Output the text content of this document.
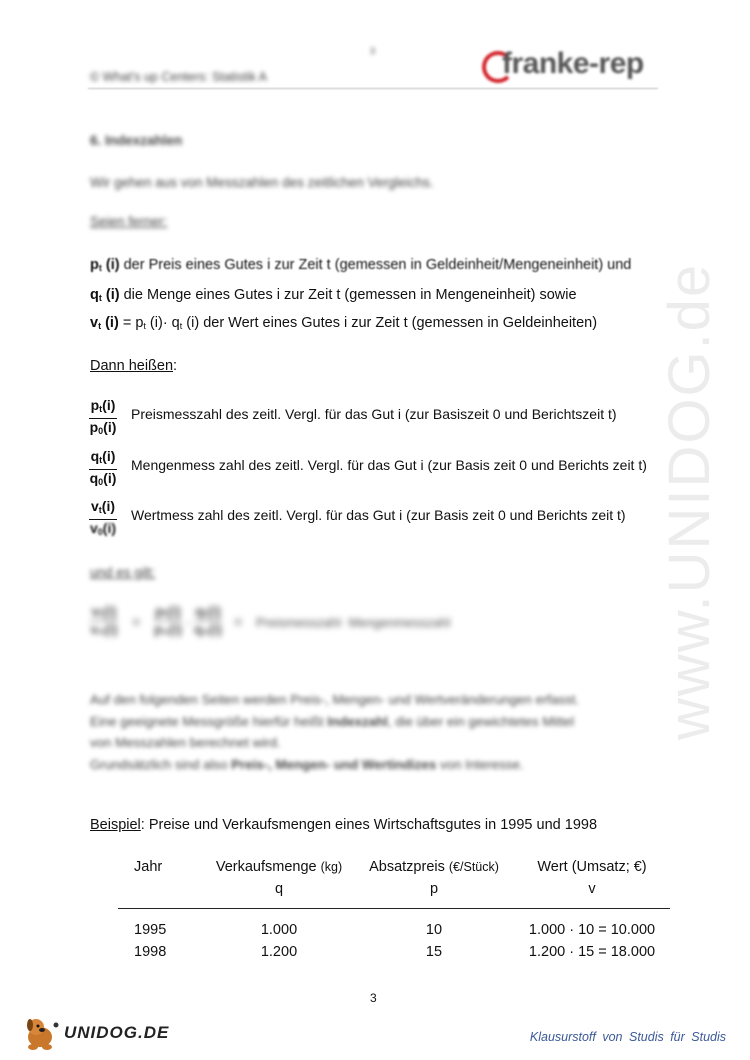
www.UNIDOG.de
3
© What's up Centers: Statistik A	franke-rep
6. Indexzahlen
Wir gehen aus von Messzahlen des zeitlichen Vergleichs.
Seien ferner:
$p_t$ (i) der Preis eines Gutes i zur Zeit t (gemessen in Geldeinheit/Mengeneinheit) und
$q_t$ (i) die Menge eines Gutes i zur Zeit t (gemessen in Mengeneinheit) sowie
$v_t$ $(i) = p_t$ $(i)\cdot q_t$ (i) der Wert eines Gutes i zur Zeit t (gemessen in Geldeinheiten)
Dann heißen:
$p_t(i)$
$p_0(i)$
Preismesszahl des zeitl. Vergl. für das Gut i (zur Basiszeit 0 und Berichtszeit t)
$q_t(i)$
$q_0(i)$
Mengenmess zahl des zeitl. Vergl. für das Gut i (zur Basis zeit 0 und Berichts zeit t)
$v_t(i)$
$v_0(i)$
Wertmess zahl des zeitl. Vergl. für das Gut i (zur Basis zeit 0 und Berichts zeit t)
und es gilt:
vₜ(i)
v₀(i) =
pₜ(i)
p₀(i) ·
qₜ(i)
q₀(i) = Preismesszahl· Mengenmesszahl
Auf den folgenden Seiten werden Preis-, Mengen- und Wertveränderungen erfasst.
Eine geeignete Messgröße hierfür heißt Indexzahl, die über ein gewichtetes Mittel
von Messzahlen berechnet wird.
Grundsätzlich sind also Preis-, Mengen- und Wertindizes von Interesse.
Beispiel: Preise und Verkaufsmengen eines Wirtschaftsgutes in 1995 und 1998
Jahr	Verkaufsmenge (kg)	Absatzpreis (€/Stück)	Wert (Umsatz; €)
	q	p	v

1995	1.000	10	1.000 · 10 = 10.000
1998	1.200	15	1.200 · 15 = 18.000
3
UNIDOG.DE	Klausurstoff von Studis für Studis
